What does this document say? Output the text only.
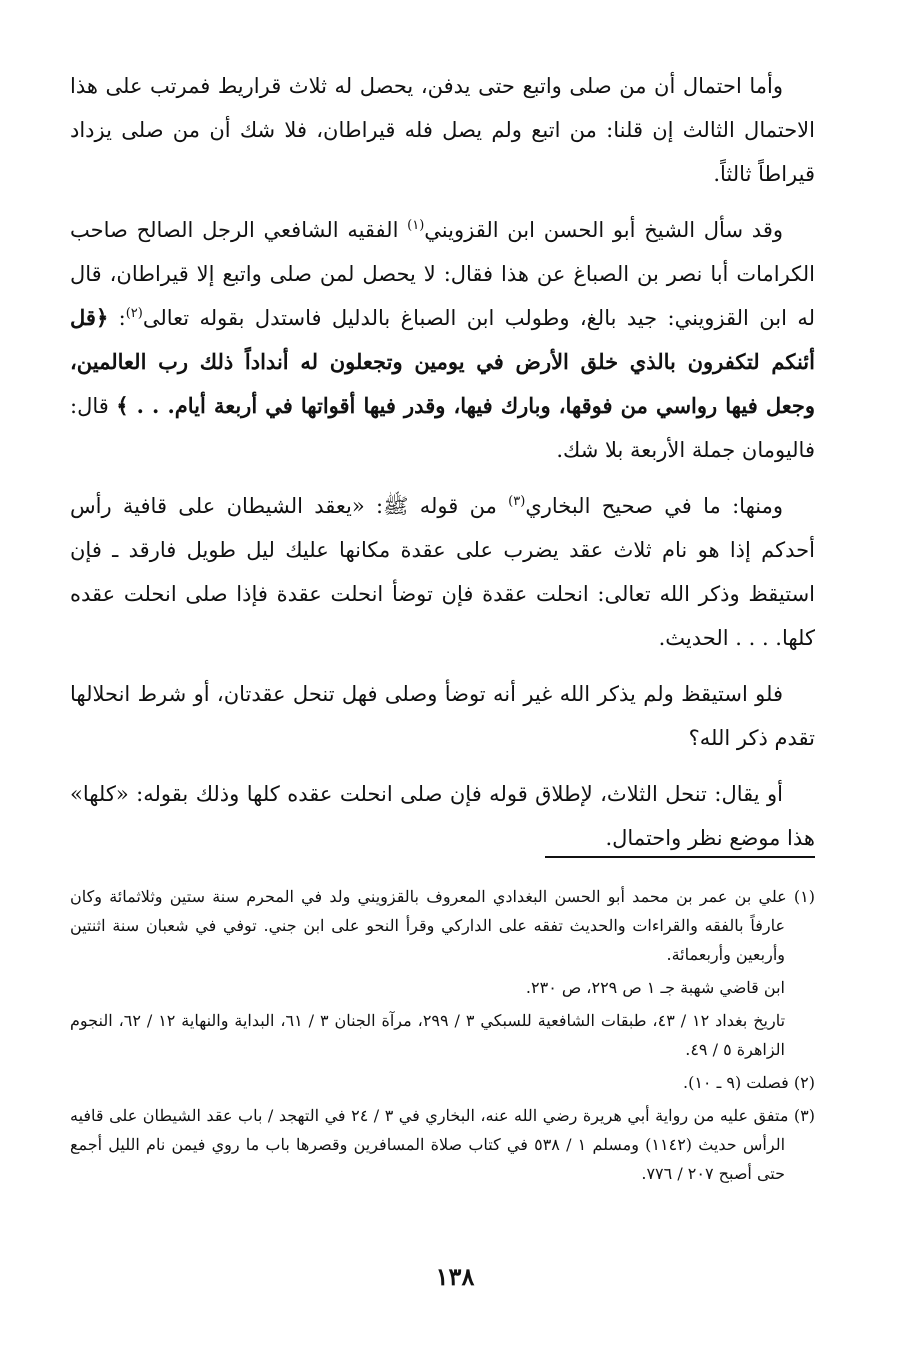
وأما احتمال أن من صلى واتبع حتى يدفن، يحصل له ثلاث قراريط فمرتب على هذا الاحتمال الثالث إن قلنا: من اتبع ولم يصل فله قيراطان، فلا شك أن من صلى يزداد قيراطاً ثالثاً.

وقد سأل الشيخ أبو الحسن ابن القزويني$^{(١)}$ الفقيه الشافعي الرجل الصالح صاحب الكرامات أبا نصر بن الصباغ عن هذا فقال: لا يحصل لمن صلى واتبع إلا قيراطان، قال له ابن القزويني: جيد بالغ، وطولب ابن الصباغ بالدليل فاستدل بقوله تعالى$^{(٢)}$: ﴿قل أئنكم لتكفرون بالذي خلق الأرض في يومين وتجعلون له أنداداً ذلك رب العالمين، وجعل فيها رواسي من فوقها، وبارك فيها، وقدر فيها أقواتها في أربعة أيام. . . ﴾ قال: فاليومان جملة الأربعة بلا شك.

ومنها: ما في صحيح البخاري$^{(٣)}$ من قوله ﷺ: «يعقد الشيطان على قافية رأس أحدكم إذا هو نام ثلاث عقد يضرب على عقدة مكانها عليك ليل طويل فارقد ـ فإن استيقظ وذكر الله تعالى: انحلت عقدة فإن توضأ انحلت عقدة فإذا صلى انحلت عقده كلها. . . . الحديث.

فلو استيقظ ولم يذكر الله غير أنه توضأ وصلى فهل تنحل عقدتان، أو شرط انحلالها تقدم ذكر الله؟

أو يقال: تنحل الثلاث، لإطلاق قوله فإن صلى انحلت عقده كلها وذلك بقوله: «كلها» هذا موضع نظر واحتمال.

(١) علي بن عمر بن محمد أبو الحسن البغدادي المعروف بالقزويني ولد في المحرم سنة ستين وثلاثمائة وكان عارفاً بالفقه والقراءات والحديث تفقه على الداركي وقرأ النحو على ابن جني. توفي في شعبان سنة اثنتين وأربعين وأربعمائة.

ابن قاضي شهبة جـ ١ ص ٢٢٩، ص ٢٣٠.

تاريخ بغداد ١٢ / ٤٣، طبقات الشافعية للسبكي ٣ / ٢٩٩، مرآة الجنان ٣ / ٦١، البداية والنهاية ١٢ / ٦٢، النجوم الزاهرة ٥ / ٤٩.

(٢) فصلت (٩ ـ ١٠).

(٣) متفق عليه من رواية أبي هريرة رضي الله عنه، البخاري في ٣ / ٢٤ في التهجد / باب عقد الشيطان على قافيه الرأس حديث (١١٤٢) ومسلم ١ / ٥٣٨ في كتاب صلاة المسافرين وقصرها باب ما روي فيمن نام الليل أجمع حتى أصبح ٢٠٧ / ٧٧٦.

١٣٨
